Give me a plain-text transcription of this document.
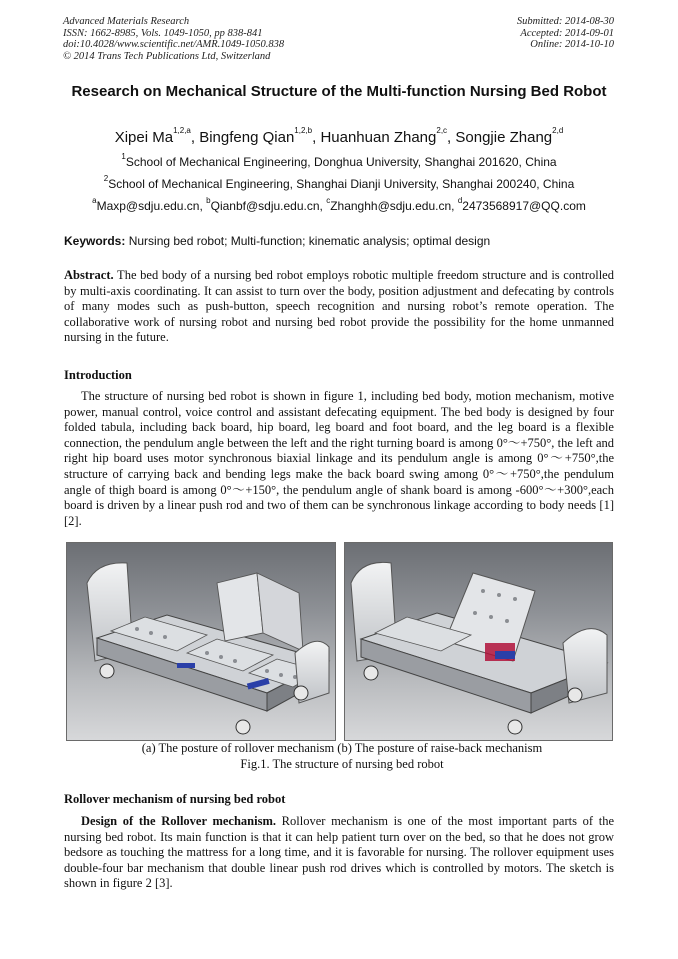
Advanced Materials Research
ISSN: 1662-8985, Vols. 1049-1050, pp 838-841
doi:10.4028/www.scientific.net/AMR.1049-1050.838
© 2014 Trans Tech Publications Ltd, Switzerland
Submitted: 2014-08-30
Accepted: 2014-09-01
Online: 2014-10-10
Research on Mechanical Structure of the Multi-function Nursing Bed Robot
Xipei Ma$^{1,2,a}$, Bingfeng Qian$^{1,2,b}$, Huanhuan Zhang$^{2,c}$, Songjie Zhang$^{2,d}$
$^1$School of Mechanical Engineering, Donghua University, Shanghai 201620, China
$^2$School of Mechanical Engineering, Shanghai Dianji University, Shanghai 200240, China
$^a$Maxp@sdju.edu.cn, $^b$Qianbf@sdju.edu.cn, $^c$Zhanghh@sdju.edu.cn, $^d$2473568917@QQ.com
Keywords: Nursing bed robot; Multi-function; kinematic analysis; optimal design
Abstract. The bed body of a nursing bed robot employs robotic multiple freedom structure and is controlled by multi-axis coordinating. It can assist to turn over the body, position adjustment and defecating by controls of many modes such as push-button, speech recognition and nursing robot’s remote operation. The collaborative work of nursing robot and nursing bed robot provide the possibility for the home unmanned nursing in the future.
Introduction
The structure of nursing bed robot is shown in figure 1, including bed body, motion mechanism, motive power, manual control, voice control and assistant defecating equipment. The bed body is designed by four folded tabula, including back board, hip board, leg board and foot board, and the leg board is a flexible connection, the pendulum angle between the left and the right turning board is among 0°～+750°, the left and right hip board uses motor synchronous biaxial linkage and its pendulum angle is among 0°～+750°,the structure of carrying back and bending legs make the back board swing among 0°～+750°,the pendulum angle of thigh board is among 0°～+150°, the pendulum angle of shank board is among -600°～+300°,each board is driven by a linear push rod and two of them can be synchronous linkage according to body needs [1] [2].
(a) The posture of rollover mechanism (b) The posture of raise-back mechanism
Fig.1. The structure of nursing bed robot
Rollover mechanism of nursing bed robot
Design of the Rollover mechanism. Rollover mechanism is one of the most important parts of the nursing bed robot. Its main function is that it can help patient turn over on the bed, so that he does not grow bedsore as touching the mattress for a long time, and it is favorable for nursing. The rollover equipment uses double-four bar mechanism that double linear push rod drives which is controlled by motors. The sketch is shown in figure 2 [3].
